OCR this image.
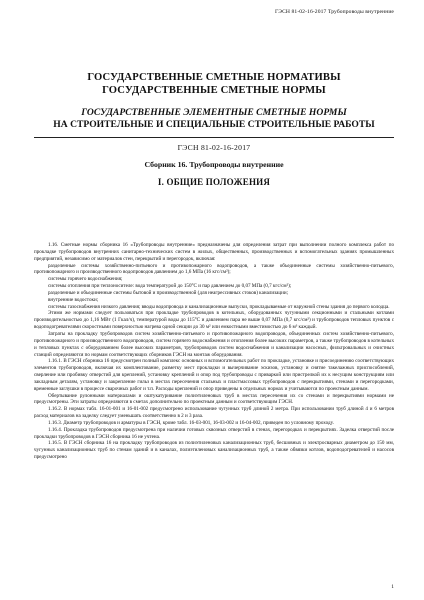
ГЭСН 81-02-16-2017 Трубопроводы внутренние

ГОСУДАРСТВЕННЫЕ СМЕТНЫЕ НОРМАТИВЫ

ГОСУДАРСТВЕННЫЕ СМЕТНЫЕ НОРМЫ

ГОСУДАРСТВЕННЫЕ ЭЛЕМЕНТНЫЕ СМЕТНЫЕ НОРМЫ

НА СТРОИТЕЛЬНЫЕ И СПЕЦИАЛЬНЫЕ СТРОИТЕЛЬНЫЕ РАБОТЫ

ГЭСН 81-02-16-2017

Сборник 16. Трубопроводы внутренние

I. ОБЩИЕ ПОЛОЖЕНИЯ

1.16. Сметные нормы сборника 16 «Трубопроводы внутренние» предназначены для определения затрат при выполнении полного комплекса работ по прокладке трубопроводов внутренних санитарно-технических систем в жилых, общественных, производственных и вспомогательных зданиях промышленных предприятий, независимо от материалов стен, перекрытий и перегородок, включая:

разделенные системы хозяйственно-питьевого и противопожарного водопроводов, а также объединенные системы хозяйственно-питьевого, противопожарного и производственного водопроводов давлением до 1,6 МПа (16 кгс/см²);

системы горячего водоснабжения;

системы отопления при теплоносителе: вода температурой до 150°С и пар давлением до 0,07 МПа (0,7 кгс/см²);

разделенные и объединенные системы бытовой и производственной (для неагрессивных стоков) канализации;

внутренние водостоки;

системы газоснабжения низкого давления; вводы водопровода и канализационные выпуски, прокладываемые от наружной стены здания до первого колодца.

Этими же нормами следует пользоваться при прокладке трубопроводов в котельных, оборудованных чугунными секционными и стальными котлами производительностью до 1,16 МВт (1 Гкал/ч), температурой воды до 115°С и давлением пара не выше 0,07 МПа (0,7 кгс/см²) и трубопроводов тепловых пунктов с водоподогревателями скоростными поверхностью нагрева одной секции до 30 м² или емкостными вместимостью до 6 м³ каждый.

Затраты на прокладку трубопроводов систем хозяйственно-питьевого и противопожарного водопроводов, объединенных систем хозяйственно-питьевого, противопожарного и производственного водопроводов, систем горячего водоснабжения и отопления более высоких параметров, а также трубопроводов в котельных и тепловых пунктах с оборудованием более высоких параметров, трубопроводов систем водоснабжения и канализации насосных, фильтровальных и очистных станций определяются по нормам соответствующих сборников ГЭСН на монтаж оборудования.

1.16.1. В ГЭСН сборника 16 предусмотрен полный комплекс основных и вспомогательных работ по прокладке, установке и присоединению соответствующих элементов трубопроводов, включая их комплектование, разметку мест прокладки и вычерчивание эскизов, установку и снятие такелажных приспособлений, сверление или пробивку отверстий для креплений, установку креплений и опор под трубопроводы с приваркой или пристрелкой их к несущим конструкциям или закладным деталям, установку и закрепление гильз в местах пересечения стальных и пластмассовых трубопроводов с перекрытиями, стенами и перегородками, временные заглушки в процессе сварочных работ и т.п. Расходы креплений и опор приведены в отдельных нормах и учитываются по проектным данным.

Обертывание рулонными материалами и оштукатуривание полиэтиленовых труб в местах пересечения их со стенами и перекрытиями нормами не предусмотрены. Эти затраты определяются в сметах дополнительно по проектным данным и соответствующим ГЭСН.

1.16.2. В нормах табл. 16-01-001 и 16-01-002 предусмотрено использование чугунных труб длиной 2 метра. При использовании труб длиной 4 и 6 метров расход материалов на заделку следует уменьшать соответственно в 2 и 3 раза.

1.16.3. Диаметр трубопроводов и арматуры в ГЭСН, кроме табл. 16-03-001, 16-03-002 и 16-04-002, приведен по условному проходу.

1.16.4. Прокладка трубопроводов предусмотрена при наличии готовых сквозных отверстий в стенах, перегородках и перекрытиях. Заделка отверстий после прокладки трубопроводов в ГЭСН сборника 16 не учтена.

1.16.5. В ГЭСН сборника 16 на прокладку трубопроводов из полиэтиленовых канализационных труб, бесшовных и электросварных диаметром до 150 мм, чугунных канализационных труб по стенам зданий и в каналах, полиэтиленовых канализационных труб, а также обвязки котлов, водоподогревателей и насосов предусмотрено

1
